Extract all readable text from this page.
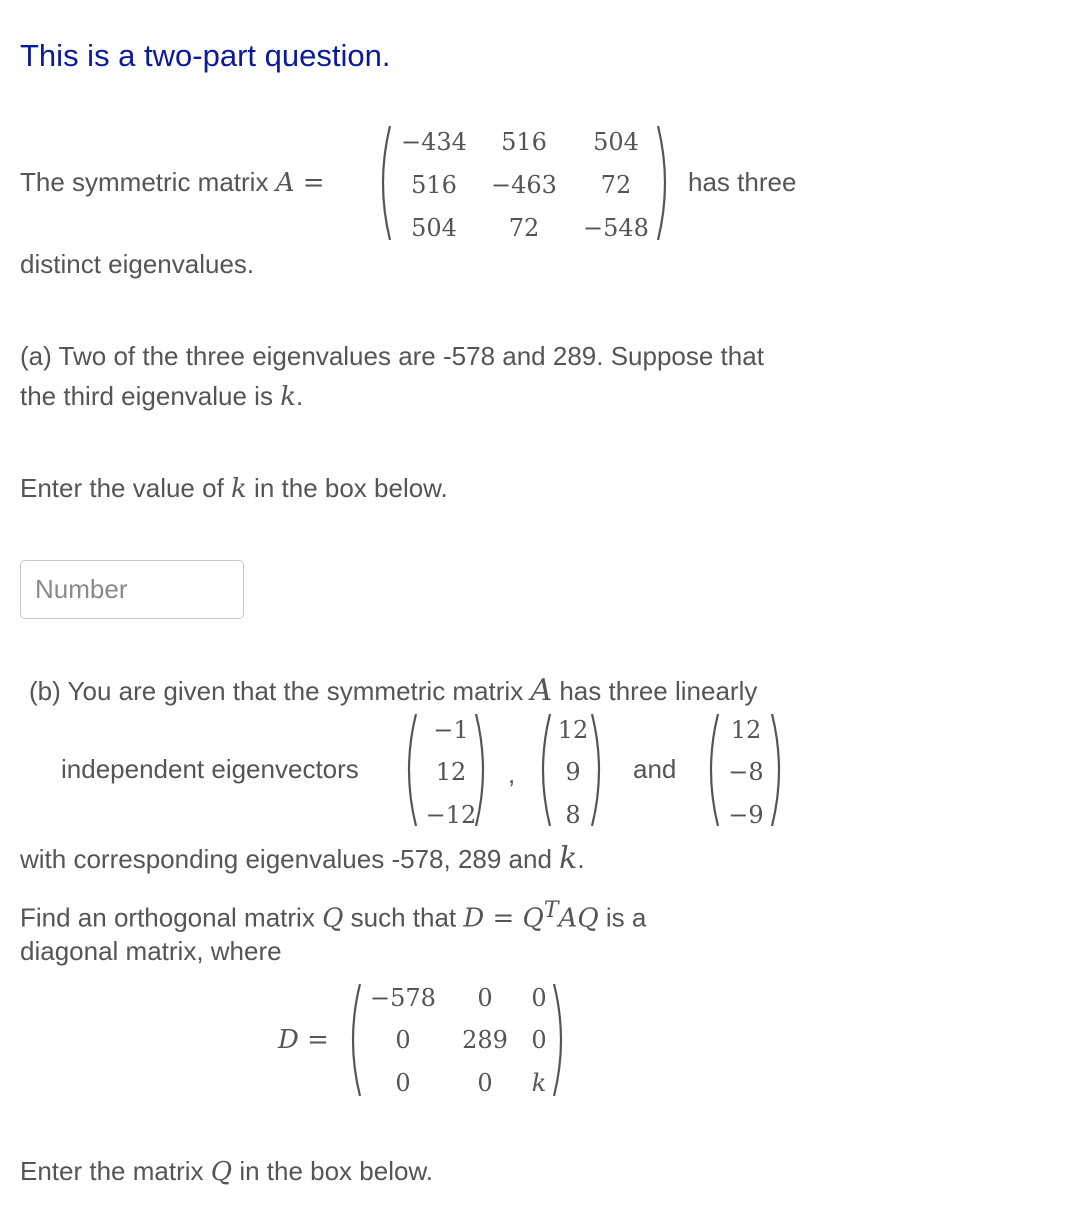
This is a two-part question.
The symmetric matrix A =
−434	516	504
516	−463	72
504	72	−548
has three
distinct eigenvalues.
(a) Two of the three eigenvalues are -578 and 289. Suppose that
the third eigenvalue is k.
Enter the value of k in the box below.
Number
(b) You are given that the symmetric matrix A has three linearly
independent eigenvectors
−1
12
−12
,
12
9
8
and
12
−8
−9
with corresponding eigenvalues -578, 289 and k.
Find an orthogonal matrix Q such that $D = Q^TAQ$ is a
diagonal matrix, where
D =
−578	0	0
0	289 0
0	0	k
Enter the matrix Q in the box below.
